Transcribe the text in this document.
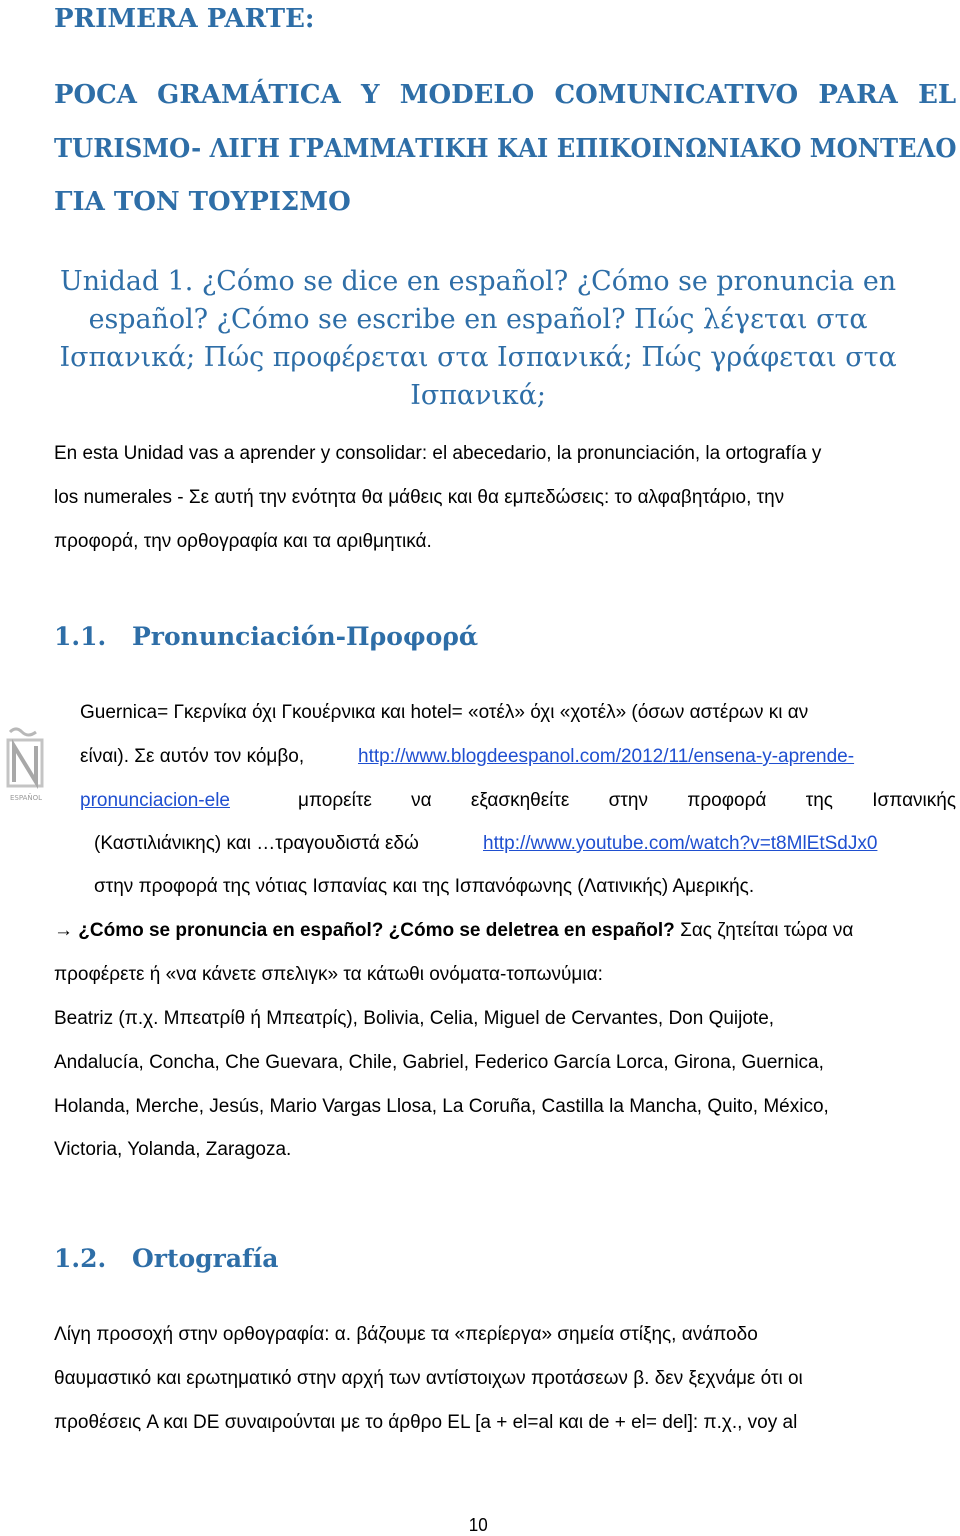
PRIMERA PARTE:
POCA GRAMÁTICA Y MODELO COMUNICATIVO PARA EL
TURISMO- ΛΙΓΗ ΓΡΑΜΜΑΤΙΚΗ ΚΑΙ ΕΠΙΚΟΙΝΩΝΙΑΚΟ ΜΟΝΤΕΛΟ
ΓΙΑ ΤΟΝ ΤΟΥΡΙΣΜΟ
Unidad 1. ¿Cómo se dice en español? ¿Cómo se pronuncia en
español? ¿Cómo se escribe en español? Πώς λέγεται στα
Ισπανικά; Πώς προφέρεται στα Ισπανικά; Πώς γράφεται στα
Ισπανικά;
En esta Unidad vas a aprender y consolidar: el abecedario, la pronunciación, la ortografía y
los numerales - Σε αυτή την ενότητα θα μάθεις και θα εμπεδώσεις: το αλφαβητάριο, την
προφορά, την ορθογραφία και τα αριθμητικά.
1.1. Pronunciación-Προφορά
ESPAÑOL
Guernica= Γκερνίκα όχι Γκουέρνικα και hotel= «οτέλ» όχι «χοτέλ» (όσων αστέρων κι αν
είναι). Σε αυτόν τον κόμβο,	http://www.blogdeespanol.com/2012/11/ensena-y-aprende-
pronunciacion-ele	μπορείτε να εξασκηθείτε στην προφορά της Ισπανικής
(Καστιλιάνικης) και …τραγουδιστά εδώ	http://www.youtube.com/watch?v=t8MlEtSdJx0
στην προφορά της νότιας Ισπανίας και της Ισπανόφωνης (Λατινικής) Αμερικής.
→ ¿Cómo se pronuncia en español? ¿Cómo se deletrea en español? Σας ζητείται τώρα να
προφέρετε ή «να κάνετε σπελιγκ» τα κάτωθι ονόματα-τοπωνύμια:
Beatriz (π.χ. Μπεατρίθ ή Μπεατρίς), Bolivia, Celia, Miguel de Cervantes, Don Quijote,
Andalucía, Concha, Che Guevara, Chile, Gabriel, Federico García Lorca, Girona, Guernica,
Holanda, Merche, Jesús, Mario Vargas Llosa, La Coruña, Castilla la Mancha, Quito, México,
Victoria, Yolanda, Zaragoza.
1.2. Ortografía
Λίγη προσοχή στην ορθογραφία: α. βάζουμε τα «περίεργα» σημεία στίξης, ανάποδο
θαυμαστικό και ερωτηματικό στην αρχή των αντίστοιχων προτάσεων β. δεν ξεχνάμε ότι οι
προθέσεις A και DE συναιρούνται με το άρθρο EL [a + el=al και de + el= del]: π.χ., voy al
10
